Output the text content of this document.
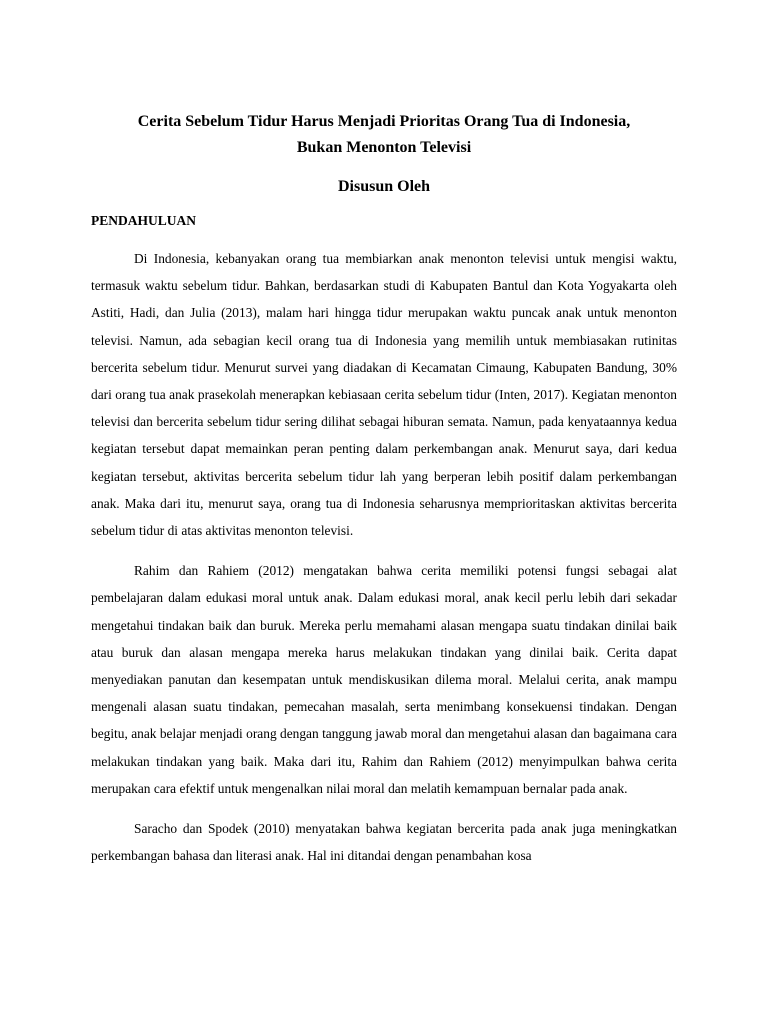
Cerita Sebelum Tidur Harus Menjadi Prioritas Orang Tua di Indonesia,
Bukan Menonton Televisi
Disusun Oleh
PENDAHULUAN

Di Indonesia, kebanyakan orang tua membiarkan anak menonton televisi untuk mengisi waktu, termasuk waktu sebelum tidur. Bahkan, berdasarkan studi di Kabupaten Bantul dan Kota Yogyakarta oleh Astiti, Hadi, dan Julia (2013), malam hari hingga tidur merupakan waktu puncak anak untuk menonton televisi. Namun, ada sebagian kecil orang tua di Indonesia yang memilih untuk membiasakan rutinitas bercerita sebelum tidur. Menurut survei yang diadakan di Kecamatan Cimaung, Kabupaten Bandung, 30% dari orang tua anak prasekolah menerapkan kebiasaan cerita sebelum tidur (Inten, 2017). Kegiatan menonton televisi dan bercerita sebelum tidur sering dilihat sebagai hiburan semata. Namun, pada kenyataannya kedua kegiatan tersebut dapat memainkan peran penting dalam perkembangan anak. Menurut saya, dari kedua kegiatan tersebut, aktivitas bercerita sebelum tidur lah yang berperan lebih positif dalam perkembangan anak. Maka dari itu, menurut saya, orang tua di Indonesia seharusnya memprioritaskan aktivitas bercerita sebelum tidur di atas aktivitas menonton televisi.

Rahim dan Rahiem (2012) mengatakan bahwa cerita memiliki potensi fungsi sebagai alat pembelajaran dalam edukasi moral untuk anak. Dalam edukasi moral, anak kecil perlu lebih dari sekadar mengetahui tindakan baik dan buruk. Mereka perlu memahami alasan mengapa suatu tindakan dinilai baik atau buruk dan alasan mengapa mereka harus melakukan tindakan yang dinilai baik. Cerita dapat menyediakan panutan dan kesempatan untuk mendiskusikan dilema moral. Melalui cerita, anak mampu mengenali alasan suatu tindakan, pemecahan masalah, serta menimbang konsekuensi tindakan. Dengan begitu, anak belajar menjadi orang dengan tanggung jawab moral dan mengetahui alasan dan bagaimana cara melakukan tindakan yang baik. Maka dari itu, Rahim dan Rahiem (2012) menyimpulkan bahwa cerita merupakan cara efektif untuk mengenalkan nilai moral dan melatih kemampuan bernalar pada anak.

Saracho dan Spodek (2010) menyatakan bahwa kegiatan bercerita pada anak juga meningkatkan perkembangan bahasa dan literasi anak. Hal ini ditandai dengan penambahan kosa
